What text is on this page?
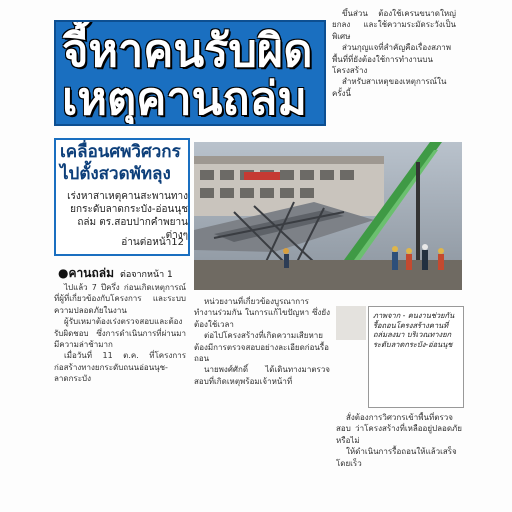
จี้หาคนรับผิด
เหตุคานถล่ม

ขึ้นส่วน ต้องใช้เครนขนาดใหญ่ยกลง และใช้ความระมัดระวังเป็นพิเศษ

ส่วนกุญแจที่สำคัญคือเรื่องสภาพพื้นที่ที่ยังต้องใช้การทำงานบนโครงสร้าง

สำหรับสาเหตุของเหตุการณ์ในครั้งนี้

เคลื่อนศพวิศวกร
ไปตั้งสวดพัทลุง
เร่งหาสาเหตุคานสะพานทางยกระดับลาดกระบัง-อ่อนนุชถล่ม ตร.สอบปากคำพยานต่างๆ
อ่านต่อหน้า12
●คานถล่ม ต่อจากหน้า 1

ไปแล้ว 7 ปีครึ่ง ก่อนเกิดเหตุการณ์ที่ผู้ที่เกี่ยวข้องกับโครงการ และระบบความปลอดภัยในงาน

ผู้รับเหมาต้องเร่งตรวจสอบและต้องรับผิดชอบ ซึ่งการดำเนินการที่ผ่านมามีความล่าช้ามาก

เมื่อวันที่ 11 ต.ค. ที่โครงการก่อสร้างทางยกระดับถนนอ่อนนุช-ลาดกระบัง

หน่วยงานที่เกี่ยวข้องบูรณาการทำงานร่วมกัน ในการแก้ไขปัญหา ซึ่งยังต้องใช้เวลา

ต่อไปโครงสร้างที่เกิดความเสียหายต้องมีการตรวจสอบอย่างละเอียดก่อนรื้อถอน

นายพงศ์ศักดิ์ ได้เดินทางมาตรวจสอบที่เกิดเหตุพร้อมเจ้าหน้าที่

ภาพจาก - คนงานช่วยกันรื้อถอนโครงสร้างคานที่ถล่มลงมา บริเวณทางยกระดับลาดกระบัง-อ่อนนุช

สั่งต้องการวิศวกรเข้าพื้นที่ตรวจสอบ ว่าโครงสร้างที่เหลืออยู่ปลอดภัยหรือไม่

ให้ดำเนินการรื้อถอนให้แล้วเสร็จโดยเร็ว
